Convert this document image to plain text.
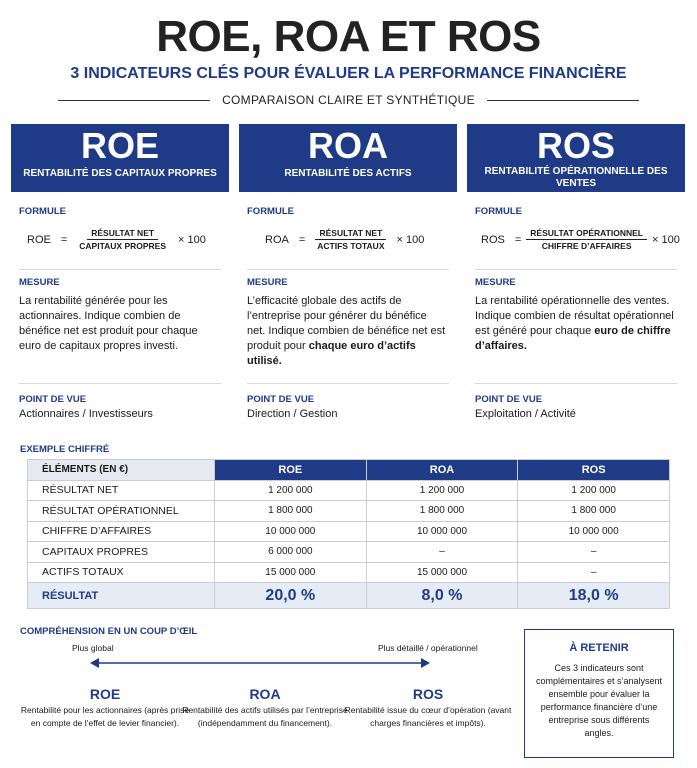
ROE, ROA ET ROS
3 INDICATEURS CLÉS POUR ÉVALUER LA PERFORMANCE FINANCIÈRE
COMPARAISON CLAIRE ET SYNTHÉTIQUE
ROE
RENTABILITÉ DES CAPITAUX PROPRES
FORMULE
ROE = $\frac{\text{RÉSULTAT NET}}{\text{CAPITAUX PROPRES}} \times 100$
MESURE
La rentabilité générée pour les actionnaires. Indique combien de bénéfice net est produit pour chaque euro de capitaux propres investi.
POINT DE VUE
Actionnaires / Investisseurs
ROA
RENTABILITÉ DES ACTIFS
FORMULE
ROA = $\frac{\text{RÉSULTAT NET}}{\text{ACTIFS TOTAUX}} \times 100$
MESURE
L’efficacité globale des actifs de l’entreprise pour générer du bénéfice net. Indique combien de bénéfice net est produit pour chaque euro d’actifs utilisé.
POINT DE VUE
Direction / Gestion
ROS
RENTABILITÉ OPÉRATIONNELLE DES VENTES
FORMULE
ROS = $\frac{\text{RÉSULTAT OPÉRATIONNEL}}{\text{CHIFFRE D’AFFAIRES}} \times 100$
MESURE
La rentabilité opérationnelle des ventes. Indique combien de résultat opérationnel est généré pour chaque euro de chiffre d’affaires.
POINT DE VUE
Exploitation / Activité
EXEMPLE CHIFFRÉ
ÉLÉMENTS (EN €)	ROE	ROA	ROS
RÉSULTAT NET	1 200 000	1 200 000	1 200 000
RÉSULTAT OPÉRATIONNEL	1 800 000	1 800 000	1 800 000
CHIFFRE D’AFFAIRES	10 000 000	10 000 000	10 000 000
CAPITAUX PROPRES	6 000 000	–	–
ACTIFS TOTAUX	15 000 000	15 000 000	–
RÉSULTAT	20,0 %	8,0 %	18,0 %
COMPRÉHENSION EN UN COUP D’ŒIL
Plus global	Plus détaillé / opérationnel
ROE
Rentabilité pour les actionnaires (après prise en compte de l’effet de levier financier).
ROA
Rentabilité des actifs utilisés par l’entreprise (indépendamment du financement).
ROS
Rentabilité issue du cœur d’opération (avant charges financières et impôts).
À RETENIR
Ces 3 indicateurs sont complémentaires et s’analysent ensemble pour évaluer la performance financière d’une entreprise sous différents angles.
